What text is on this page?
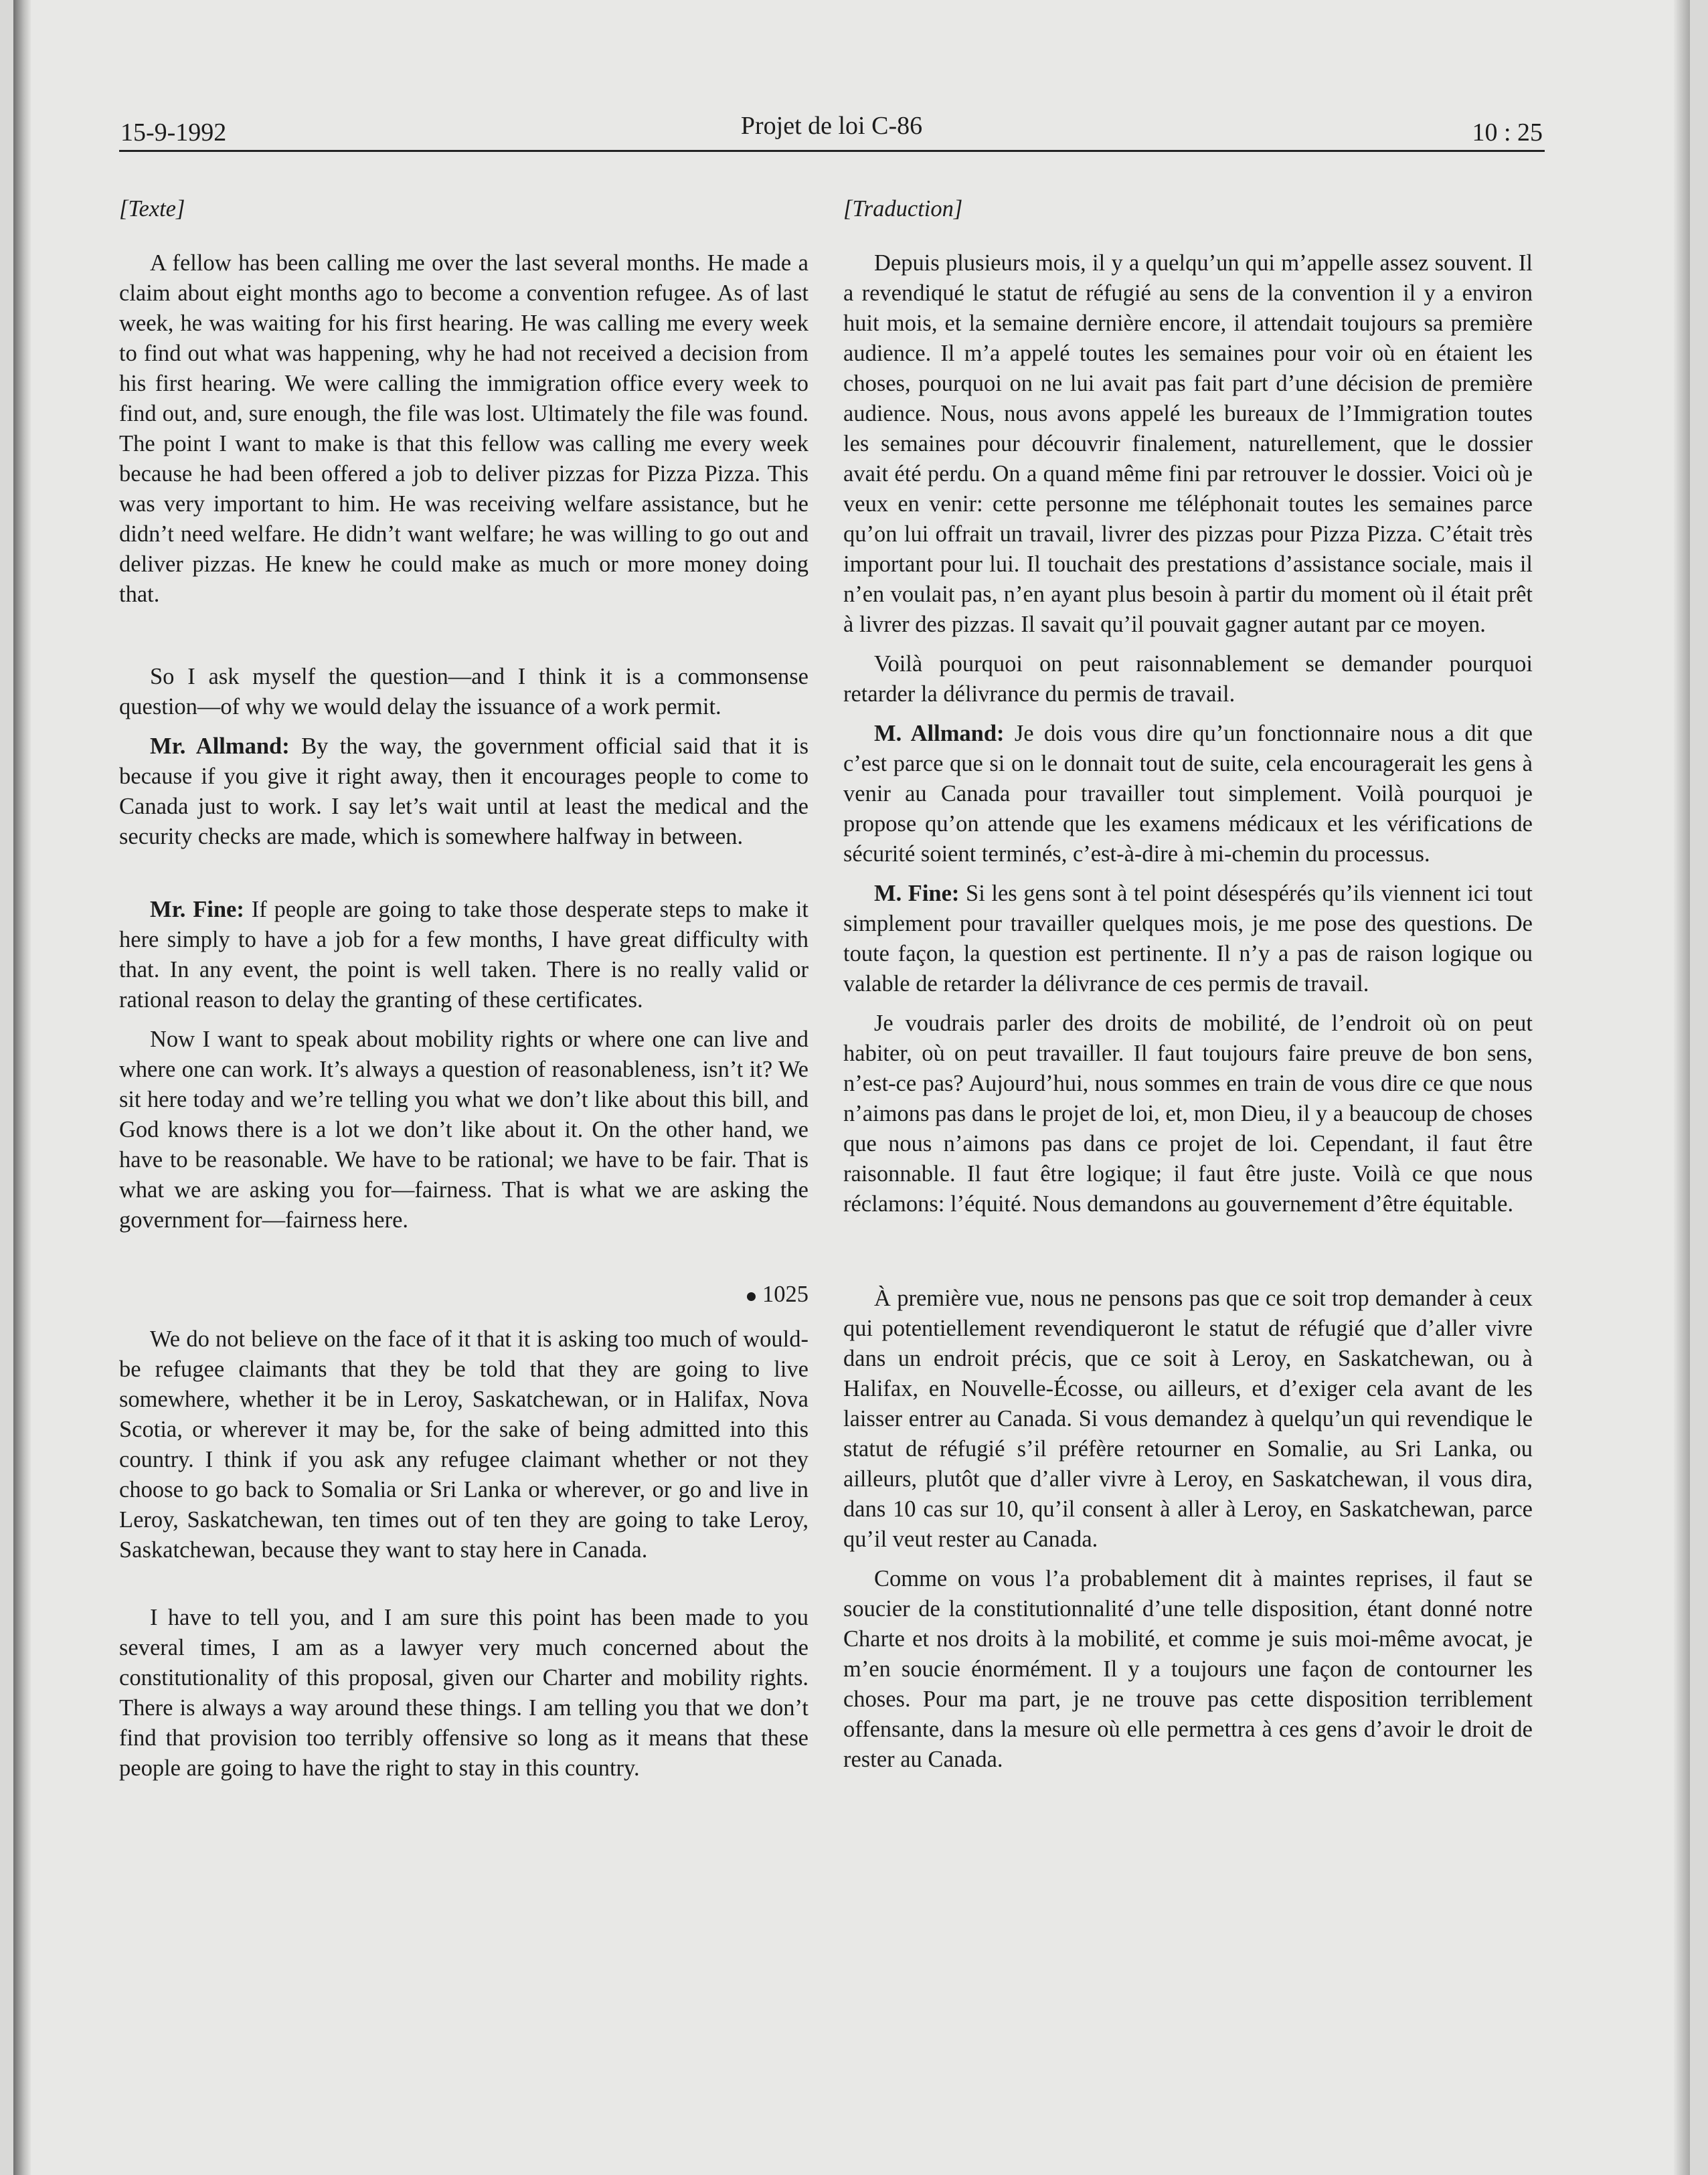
15-9-1992	Projet de loi C-86	10 : 25
[Texte]

A fellow has been calling me over the last several months. He made a claim about eight months ago to become a convention refugee. As of last week, he was waiting for his first hearing. He was calling me every week to find out what was happening, why he had not received a decision from his first hearing. We were calling the immigration office every week to find out, and, sure enough, the file was lost. Ultimately the file was found. The point I want to make is that this fellow was calling me every week because he had been offered a job to deliver pizzas for Pizza Pizza. This was very important to him. He was receiving welfare assistance, but he didn’t need welfare. He didn’t want welfare; he was willing to go out and deliver pizzas. He knew he could make as much or more money doing that.

So I ask myself the question—and I think it is a commonsense question—of why we would delay the issuance of a work permit.

Mr. Allmand: By the way, the government official said that it is because if you give it right away, then it encourages people to come to Canada just to work. I say let’s wait until at least the medical and the security checks are made, which is somewhere halfway in between.

Mr. Fine: If people are going to take those desperate steps to make it here simply to have a job for a few months, I have great difficulty with that. In any event, the point is well taken. There is no really valid or rational reason to delay the granting of these certificates.

Now I want to speak about mobility rights or where one can live and where one can work. It’s always a question of reasonableness, isn’t it? We sit here today and we’re telling you what we don’t like about this bill, and God knows there is a lot we don’t like about it. On the other hand, we have to be reasonable. We have to be rational; we have to be fair. That is what we are asking you for—fairness. That is what we are asking the government for—fairness here.

1025

We do not believe on the face of it that it is asking too much of would-be refugee claimants that they be told that they are going to live somewhere, whether it be in Leroy, Saskatchewan, or in Halifax, Nova Scotia, or wherever it may be, for the sake of being admitted into this country. I think if you ask any refugee claimant whether or not they choose to go back to Somalia or Sri Lanka or wherever, or go and live in Leroy, Saskatchewan, ten times out of ten they are going to take Leroy, Saskatchewan, because they want to stay here in Canada.

I have to tell you, and I am sure this point has been made to you several times, I am as a lawyer very much concerned about the constitutionality of this proposal, given our Charter and mobility rights. There is always a way around these things. I am telling you that we don’t find that provision too terribly offensive so long as it means that these people are going to have the right to stay in this country.

[Traduction]

Depuis plusieurs mois, il y a quelqu’un qui m’appelle assez souvent. Il a revendiqué le statut de réfugié au sens de la convention il y a environ huit mois, et la semaine dernière encore, il attendait toujours sa première audience. Il m’a appelé toutes les semaines pour voir où en étaient les choses, pourquoi on ne lui avait pas fait part d’une décision de première audience. Nous, nous avons appelé les bureaux de l’Immigration toutes les semaines pour découvrir finalement, naturellement, que le dossier avait été perdu. On a quand même fini par retrouver le dossier. Voici où je veux en venir: cette personne me téléphonait toutes les semaines parce qu’on lui offrait un travail, livrer des pizzas pour Pizza Pizza. C’était très important pour lui. Il touchait des prestations d’assistance sociale, mais il n’en voulait pas, n’en ayant plus besoin à partir du moment où il était prêt à livrer des pizzas. Il savait qu’il pouvait gagner autant par ce moyen.

Voilà pourquoi on peut raisonnablement se demander pourquoi retarder la délivrance du permis de travail.

M. Allmand: Je dois vous dire qu’un fonctionnaire nous a dit que c’est parce que si on le donnait tout de suite, cela encouragerait les gens à venir au Canada pour travailler tout simplement. Voilà pourquoi je propose qu’on attende que les examens médicaux et les vérifications de sécurité soient terminés, c’est-à-dire à mi-chemin du processus.

M. Fine: Si les gens sont à tel point désespérés qu’ils viennent ici tout simplement pour travailler quelques mois, je me pose des questions. De toute façon, la question est pertinente. Il n’y a pas de raison logique ou valable de retarder la délivrance de ces permis de travail.

Je voudrais parler des droits de mobilité, de l’endroit où on peut habiter, où on peut travailler. Il faut toujours faire preuve de bon sens, n’est-ce pas? Aujourd’hui, nous sommes en train de vous dire ce que nous n’aimons pas dans le projet de loi, et, mon Dieu, il y a beaucoup de choses que nous n’aimons pas dans ce projet de loi. Cependant, il faut être raisonnable. Il faut être logique; il faut être juste. Voilà ce que nous réclamons: l’équité. Nous demandons au gouvernement d’être équitable.

À première vue, nous ne pensons pas que ce soit trop demander à ceux qui potentiellement revendiqueront le statut de réfugié que d’aller vivre dans un endroit précis, que ce soit à Leroy, en Saskatchewan, ou à Halifax, en Nouvelle-Écosse, ou ailleurs, et d’exiger cela avant de les laisser entrer au Canada. Si vous demandez à quelqu’un qui revendique le statut de réfugié s’il préfère retourner en Somalie, au Sri Lanka, ou ailleurs, plutôt que d’aller vivre à Leroy, en Saskatchewan, il vous dira, dans 10 cas sur 10, qu’il consent à aller à Leroy, en Saskatchewan, parce qu’il veut rester au Canada.

Comme on vous l’a probablement dit à maintes reprises, il faut se soucier de la constitutionnalité d’une telle disposition, étant donné notre Charte et nos droits à la mobilité, et comme je suis moi-même avocat, je m’en soucie énormément. Il y a toujours une façon de contourner les choses. Pour ma part, je ne trouve pas cette disposition terriblement offensante, dans la mesure où elle permettra à ces gens d’avoir le droit de rester au Canada.
